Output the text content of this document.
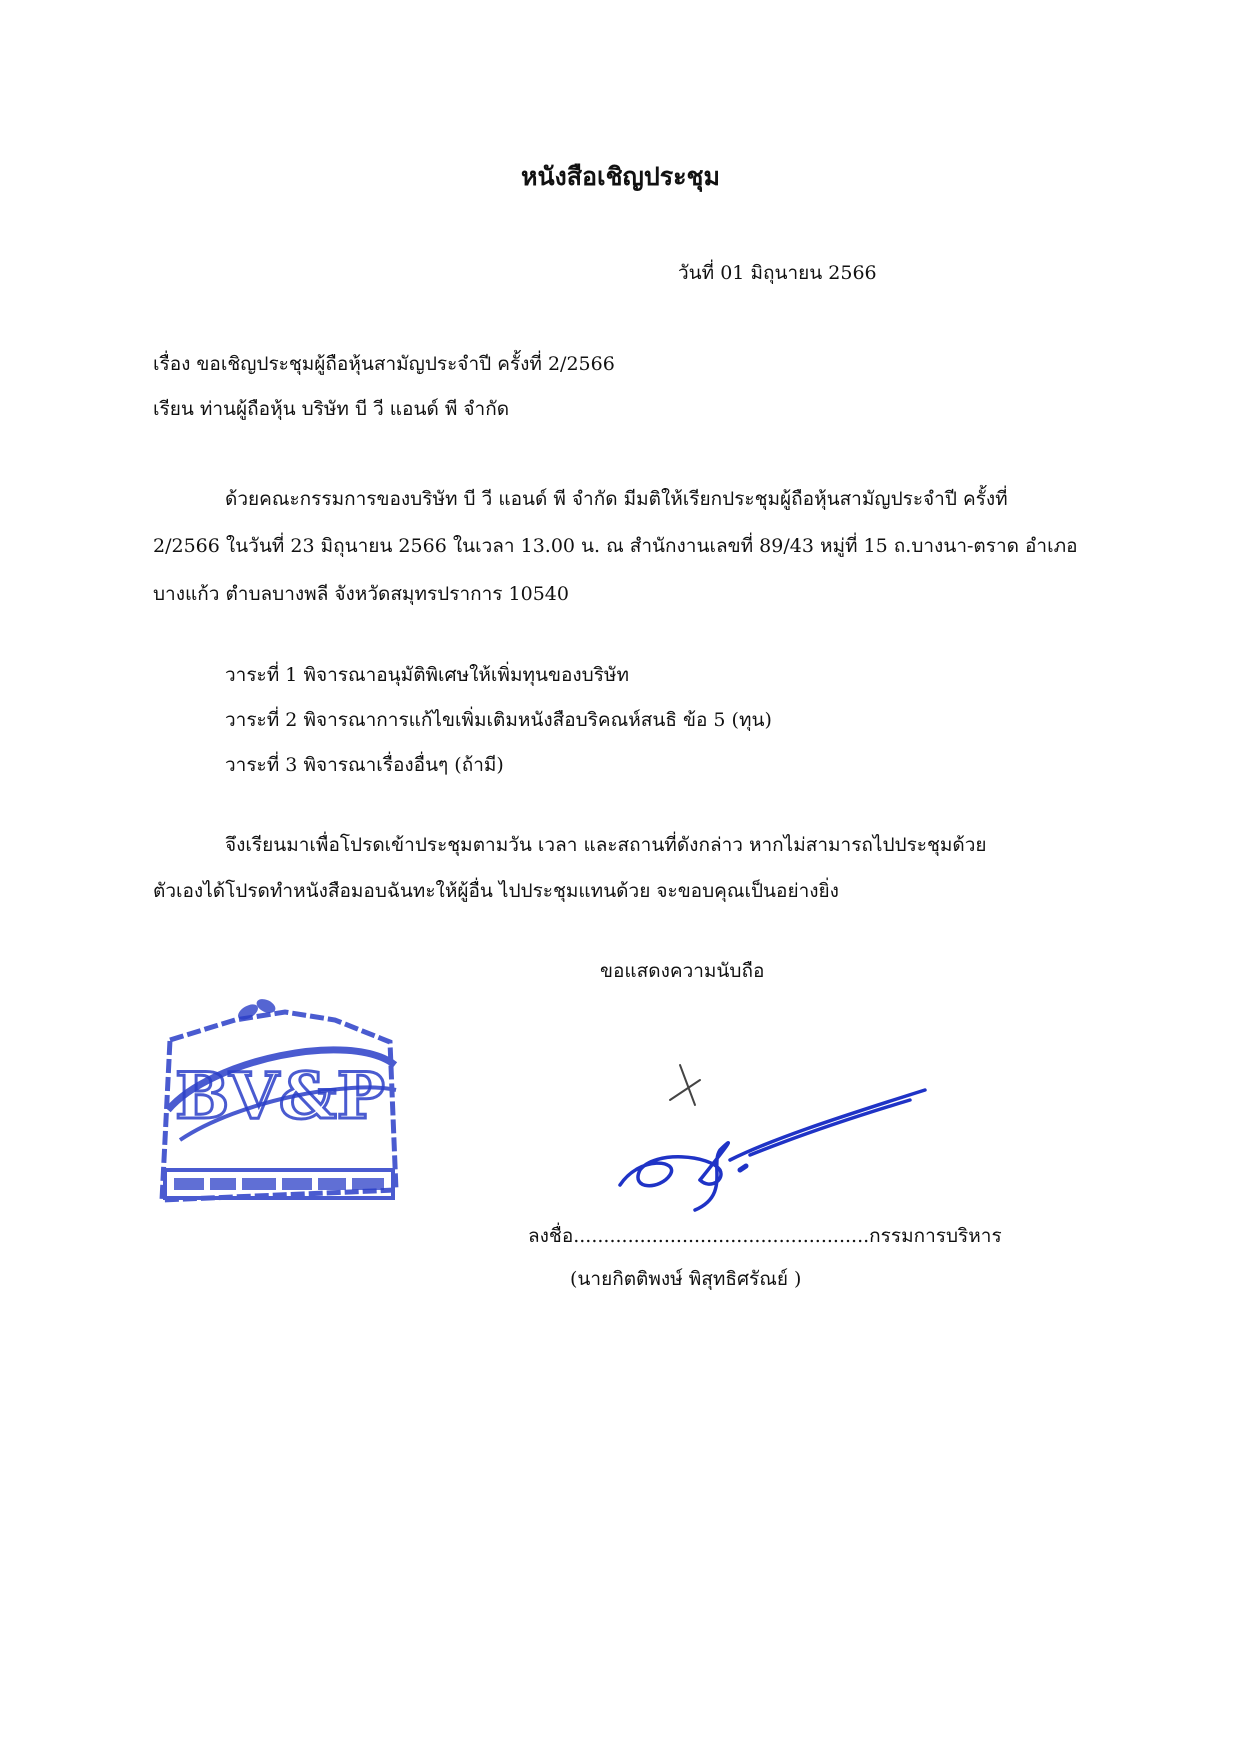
หนังสือเชิญประชุม
วันที่ 01 มิถุนายน 2566
เรื่อง ขอเชิญประชุมผู้ถือหุ้นสามัญประจำปี ครั้งที่ 2/2566
เรียน ท่านผู้ถือหุ้น บริษัท บี วี แอนด์ พี จำกัด
ด้วยคณะกรรมการของบริษัท บี วี แอนด์ พี จำกัด มีมติให้เรียกประชุมผู้ถือหุ้นสามัญประจำปี ครั้งที่
2/2566 ในวันที่ 23 มิถุนายน 2566 ในเวลา 13.00 น. ณ สำนักงานเลขที่ 89/43 หมู่ที่ 15 ถ.บางนา-ตราด อำเภอ
บางแก้ว ตำบลบางพลี จังหวัดสมุทรปราการ 10540
วาระที่ 1 พิจารณาอนุมัติพิเศษให้เพิ่มทุนของบริษัท
วาระที่ 2 พิจารณาการแก้ไขเพิ่มเติมหนังสือบริคณห์สนธิ ข้อ 5 (ทุน)
วาระที่ 3 พิจารณาเรื่องอื่นๆ (ถ้ามี)
จึงเรียนมาเพื่อโปรดเข้าประชุมตามวัน เวลา และสถานที่ดังกล่าว หากไม่สามารถไปประชุมด้วย
ตัวเองได้โปรดทำหนังสือมอบฉันทะให้ผู้อื่น ไปประชุมแทนด้วย จะขอบคุณเป็นอย่างยิ่ง
ขอแสดงความนับถือ
BV&P
ลงชื่อ.................................................กรรมการบริหาร
(นายกิตติพงษ์ พิสุทธิศรัณย์ )
